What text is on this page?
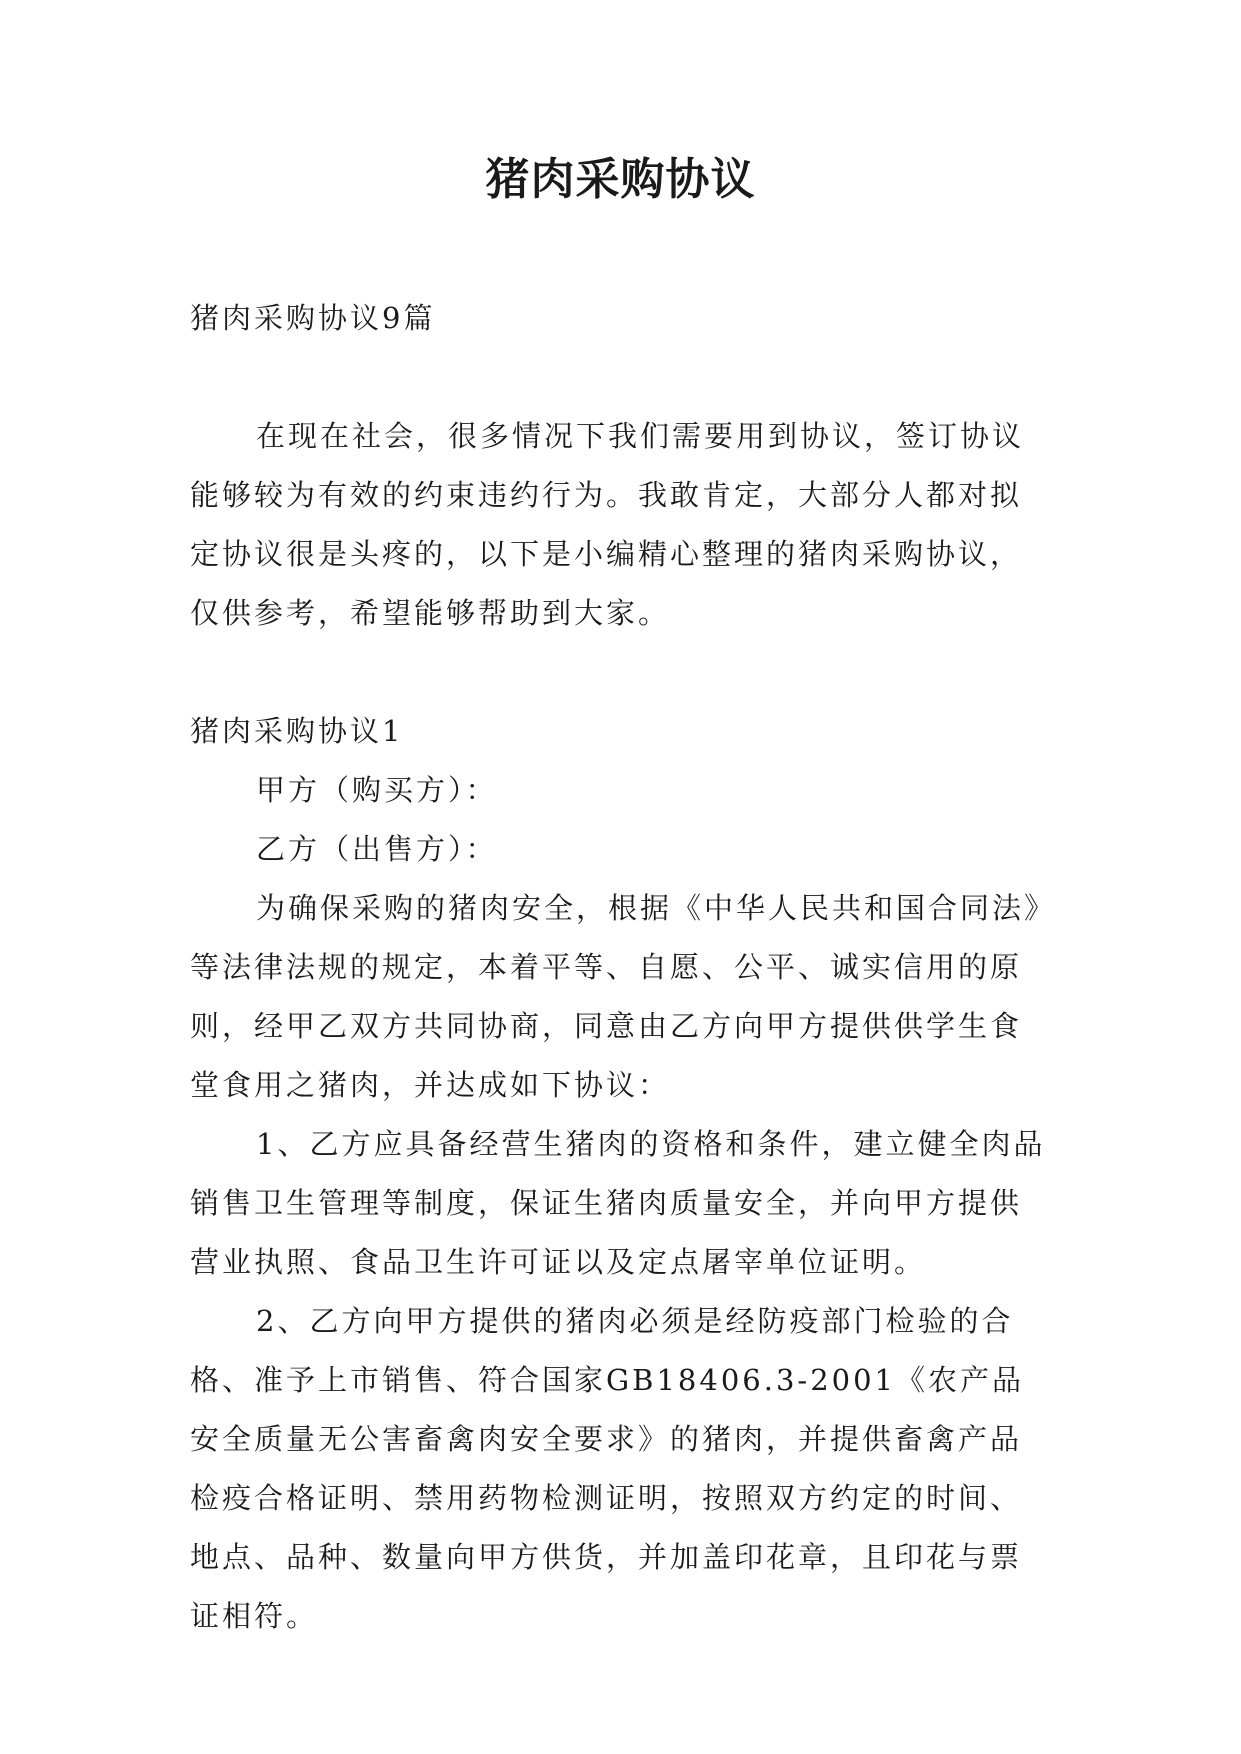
猪肉采购协议

猪肉采购协议9篇

在现在社会，很多情况下我们需要用到协议，签订协议能够较为有效的约束违约行为。我敢肯定，大部分人都对拟定协议很是头疼的，以下是小编精心整理的猪肉采购协议，仅供参考，希望能够帮助到大家。

猪肉采购协议1

甲方（购买方）：

乙方（出售方）：

为确保采购的猪肉安全，根据《中华人民共和国合同法》等法律法规的规定，本着平等、自愿、公平、诚实信用的原则，经甲乙双方共同协商，同意由乙方向甲方提供供学生食堂食用之猪肉，并达成如下协议：

1、乙方应具备经营生猪肉的资格和条件，建立健全肉品销售卫生管理等制度，保证生猪肉质量安全，并向甲方提供营业执照、食品卫生许可证以及定点屠宰单位证明。

2、乙方向甲方提供的猪肉必须是经防疫部门检验的合格、准予上市销售、符合国家GB18406.3-2001《农产品安全质量无公害畜禽肉安全要求》的猪肉，并提供畜禽产品检疫合格证明、禁用药物检测证明，按照双方约定的时间、地点、品种、数量向甲方供货，并加盖印花章，且印花与票证相符。
